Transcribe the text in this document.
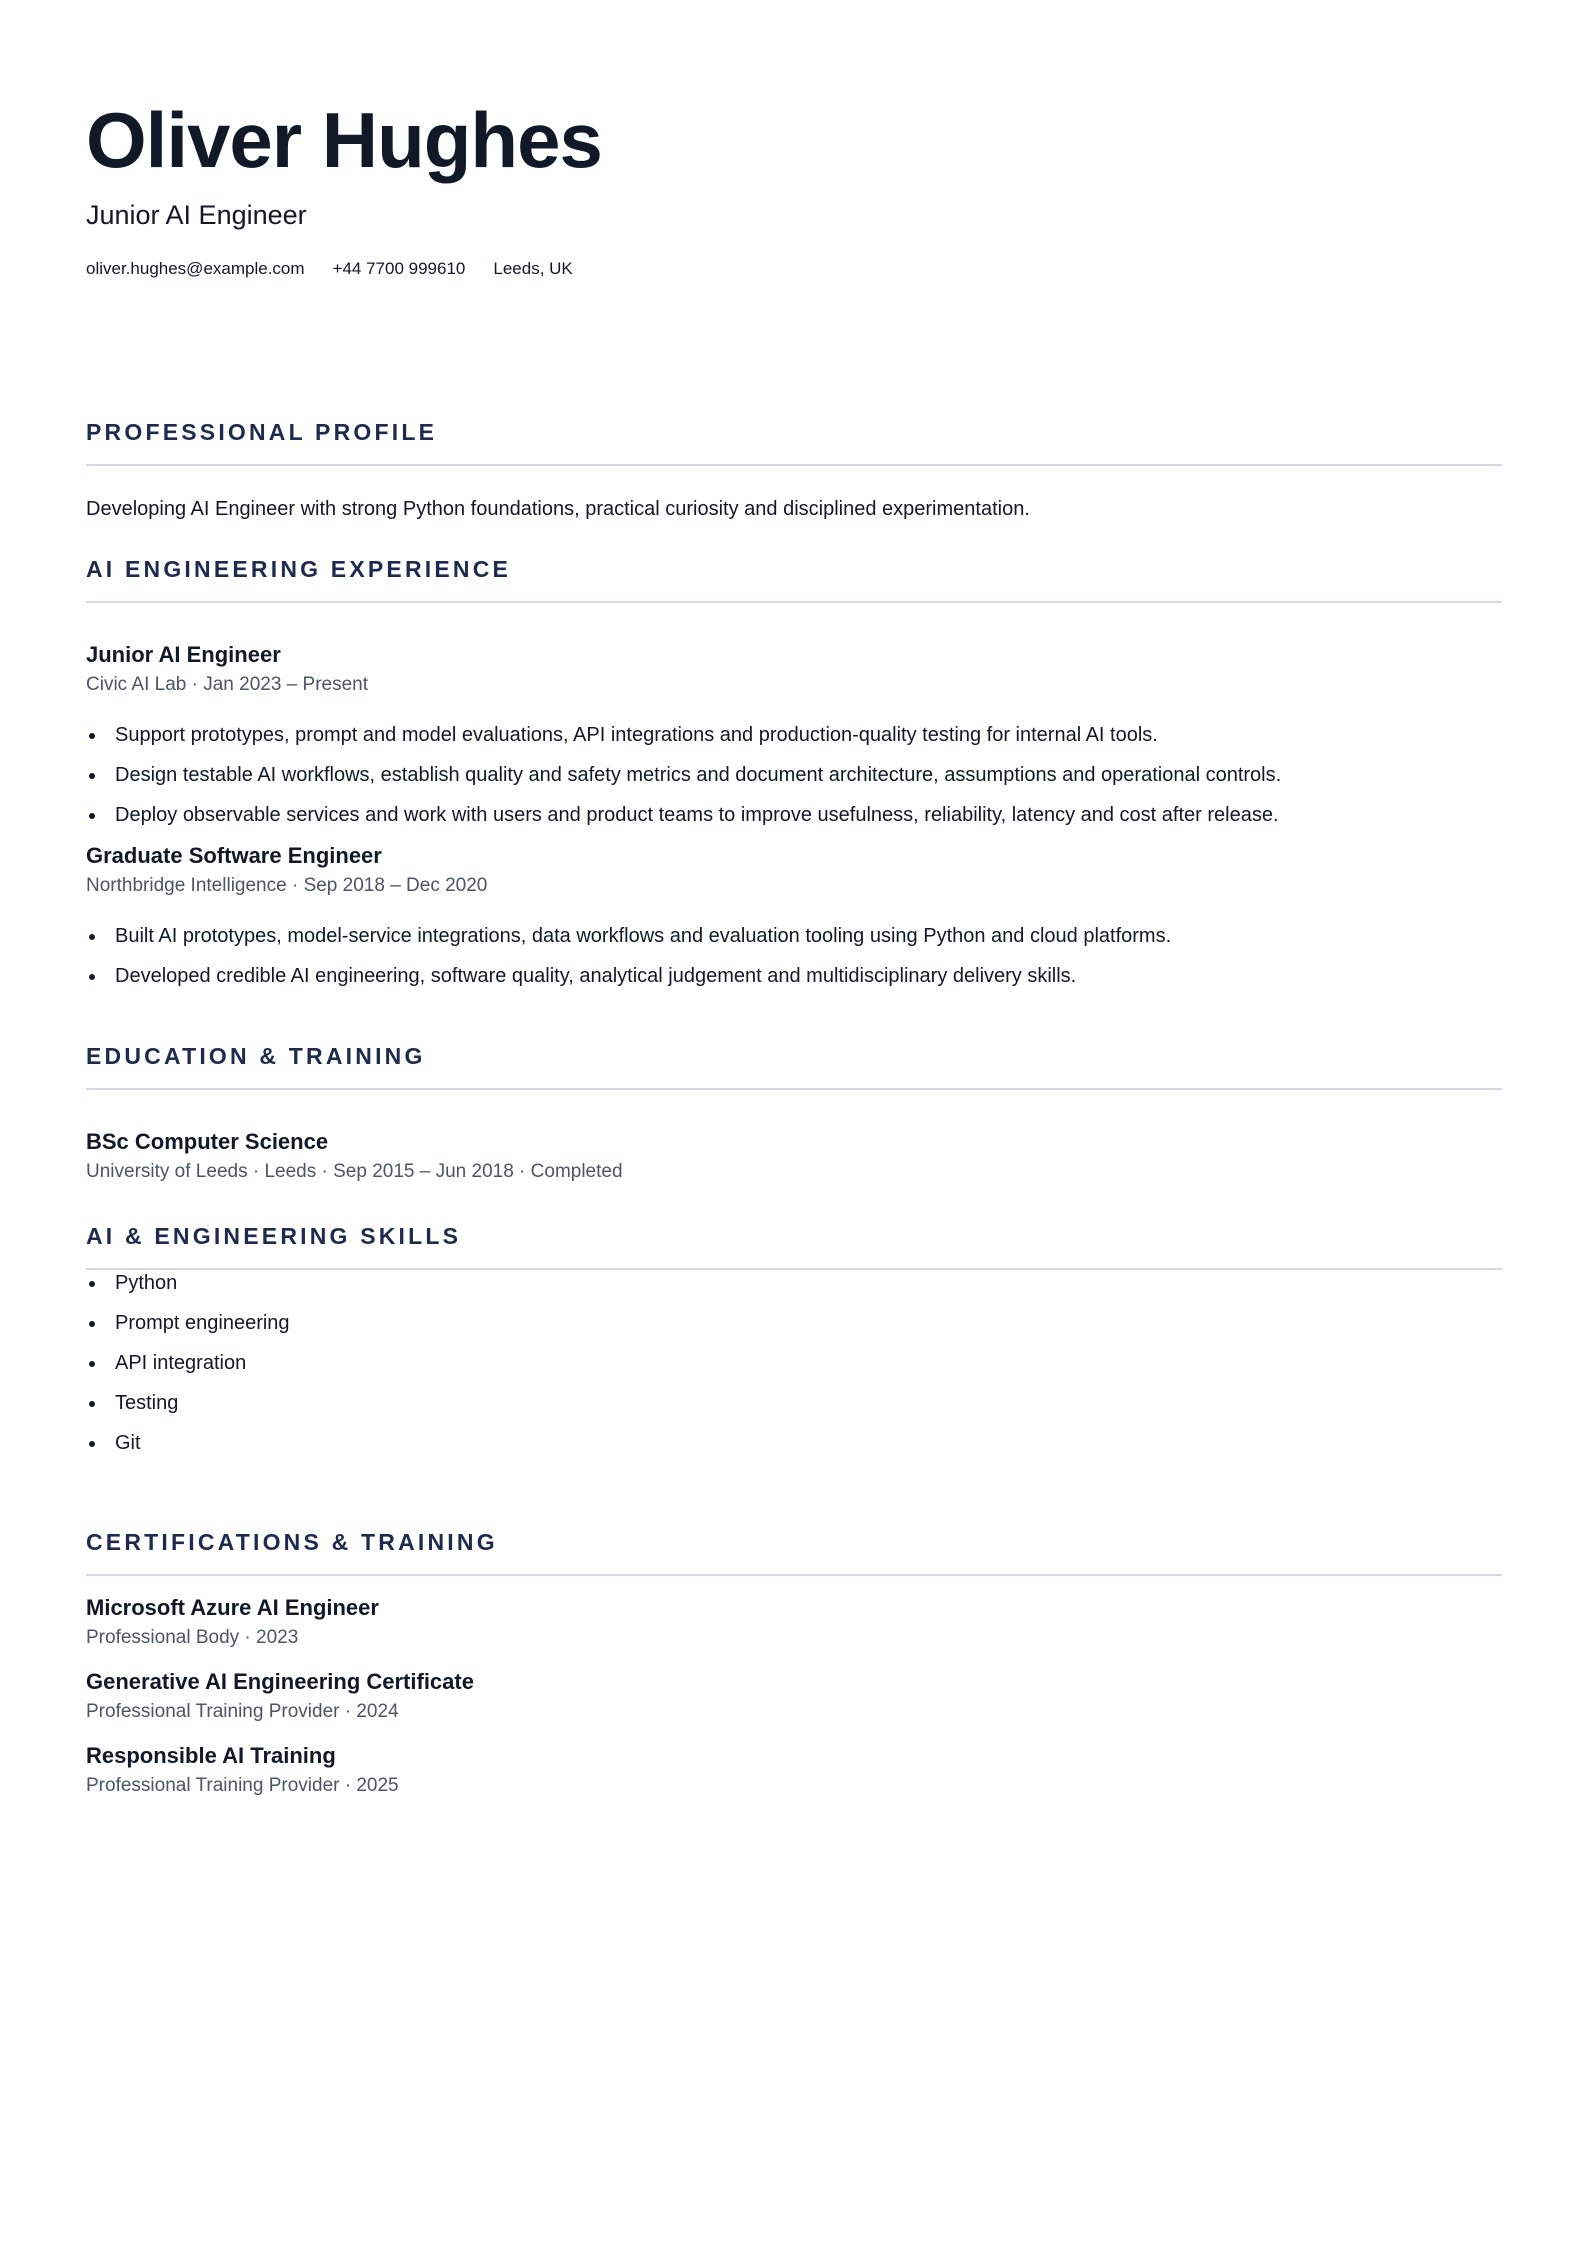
Oliver Hughes
Junior AI Engineer
oliver.hughes@example.com +44 7700 999610 Leeds, UK
PROFESSIONAL PROFILE
Developing AI Engineer with strong Python foundations, practical curiosity and disciplined experimentation.
AI ENGINEERING EXPERIENCE
Junior AI Engineer
Civic AI Lab · Jan 2023 – Present
Support prototypes, prompt and model evaluations, API integrations and production-quality testing for internal AI tools.
Design testable AI workflows, establish quality and safety metrics and document architecture, assumptions and operational controls.
Deploy observable services and work with users and product teams to improve usefulness, reliability, latency and cost after release.
Graduate Software Engineer
Northbridge Intelligence · Sep 2018 – Dec 2020
Built AI prototypes, model-service integrations, data workflows and evaluation tooling using Python and cloud platforms.
Developed credible AI engineering, software quality, analytical judgement and multidisciplinary delivery skills.
EDUCATION & TRAINING
BSc Computer Science
University of Leeds · Leeds · Sep 2015 – Jun 2018 · Completed
AI & ENGINEERING SKILLS
Python
Prompt engineering
API integration
Testing
Git
CERTIFICATIONS & TRAINING
Microsoft Azure AI Engineer
Professional Body · 2023
Generative AI Engineering Certificate
Professional Training Provider · 2024
Responsible AI Training
Professional Training Provider · 2025
